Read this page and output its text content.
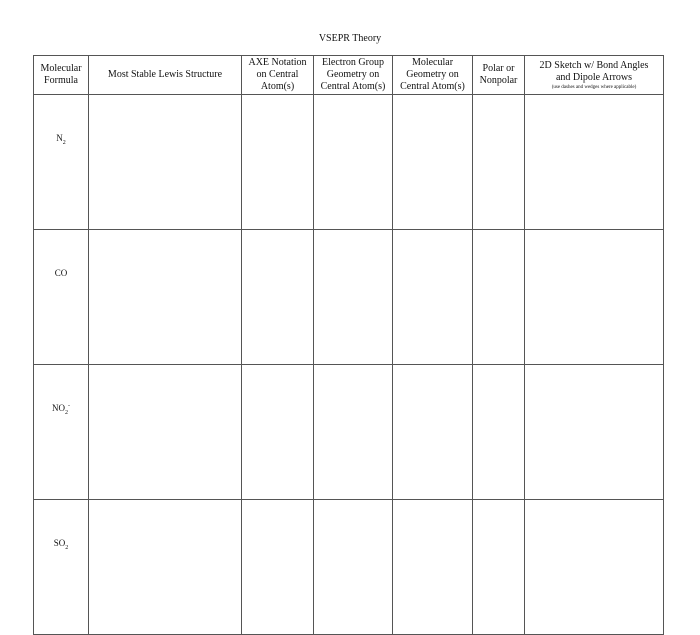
VSEPR Theory
Molecular
Formula	Most Stable Lewis Structure	AXE Notation
on Central
Atom(s)	Electron Group
Geometry on
Central Atom(s)	Molecular
Geometry on
Central Atom(s)	Polar or
Nonpolar	2D Sketch w/ Bond Angles
and Dipole Arrows
(use dashes and wedges where applicable)

$N_2$						
CO						
$NO_2^-$						
$SO_2$						
